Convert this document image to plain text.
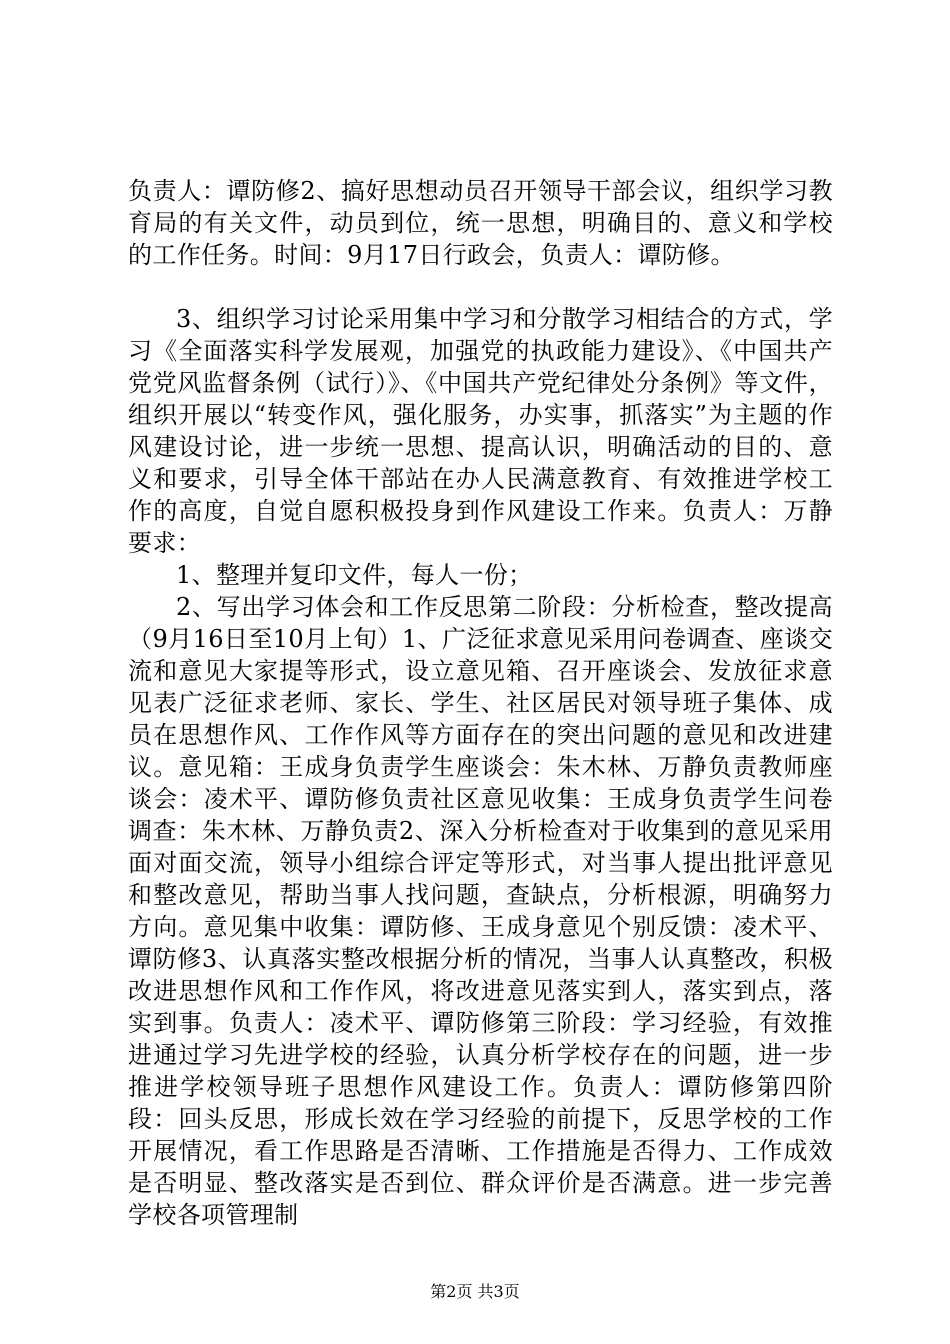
负责人：谭防修2、搞好思想动员召开领导干部会议，组织学习教育局的有关文件，动员到位，统一思想，明确目的、意义和学校的工作任务。时间：9月17日行政会，负责人：谭防修。

3、组织学习讨论采用集中学习和分散学习相结合的方式，学习《全面落实科学发展观，加强党的执政能力建设》、《中国共产党党风监督条例（试行）》、《中国共产党纪律处分条例》等文件，组织开展以“转变作风，强化服务，办实事，抓落实”为主题的作风建设讨论，进一步统一思想、提高认识，明确活动的目的、意义和要求，引导全体干部站在办人民满意教育、有效推进学校工作的高度，自觉自愿积极投身到作风建设工作来。负责人：万静要求：

1、整理并复印文件，每人一份；

2、写出学习体会和工作反思第二阶段：分析检查，整改提高（9月16日至10月上旬）1、广泛征求意见采用问卷调查、座谈交流和意见大家提等形式，设立意见箱、召开座谈会、发放征求意见表广泛征求老师、家长、学生、社区居民对领导班子集体、成员在思想作风、工作作风等方面存在的突出问题的意见和改进建议。意见箱：王成身负责学生座谈会：朱木林、万静负责教师座谈会：凌术平、谭防修负责社区意见收集：王成身负责学生问卷调查：朱木林、万静负责2、深入分析检查对于收集到的意见采用面对面交流，领导小组综合评定等形式，对当事人提出批评意见和整改意见，帮助当事人找问题，查缺点，分析根源，明确努力方向。意见集中收集：谭防修、王成身意见个别反馈：凌术平、谭防修3、认真落实整改根据分析的情况，当事人认真整改，积极改进思想作风和工作作风，将改进意见落实到人，落实到点，落实到事。负责人：凌术平、谭防修第三阶段：学习经验，有效推进通过学习先进学校的经验，认真分析学校存在的问题，进一步推进学校领导班子思想作风建设工作。负责人：谭防修第四阶段：回头反思，形成长效在学习经验的前提下，反思学校的工作开展情况，看工作思路是否清晰、工作措施是否得力、工作成效是否明显、整改落实是否到位、群众评价是否满意。进一步完善学校各项管理制

第2页 共3页
